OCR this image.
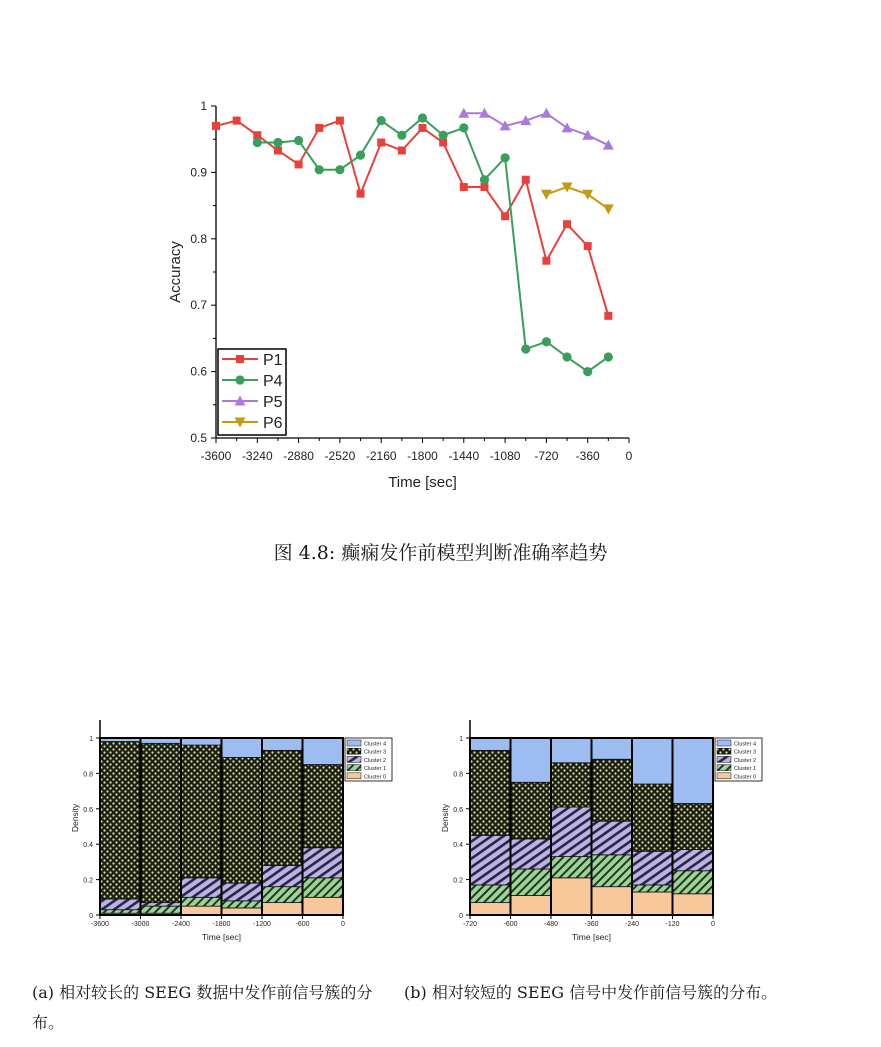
0.5
0.6
0.7
0.8
0.9
1
-3600 -3240 -2880 -2520 -2160 -1800 -1440 -1080 -720 -360 0
Time [sec]
Accuracy
P1
P4
P5
P6
图 4.8: 癫痫发作前模型判断准确率趋势
0
0.2
0.4
0.6
0.8
1
-3600	-3000	-2400	-1800	-1200	-600	0
Time [sec]
Density
Cluster 4
Cluster 3
Cluster 2
Cluster 1
Cluster 0
0
0.2
0.4
0.6
0.8
1
-720	-600	-480	-360	-240	-120	0
Time [sec]
Density
Cluster 4
Cluster 3
Cluster 2
Cluster 1
Cluster 0
(a) 相对较长的 SEEG 数据中发作前信号簇的分布。
(b) 相对较短的 SEEG 信号中发作前信号簇的分布。
